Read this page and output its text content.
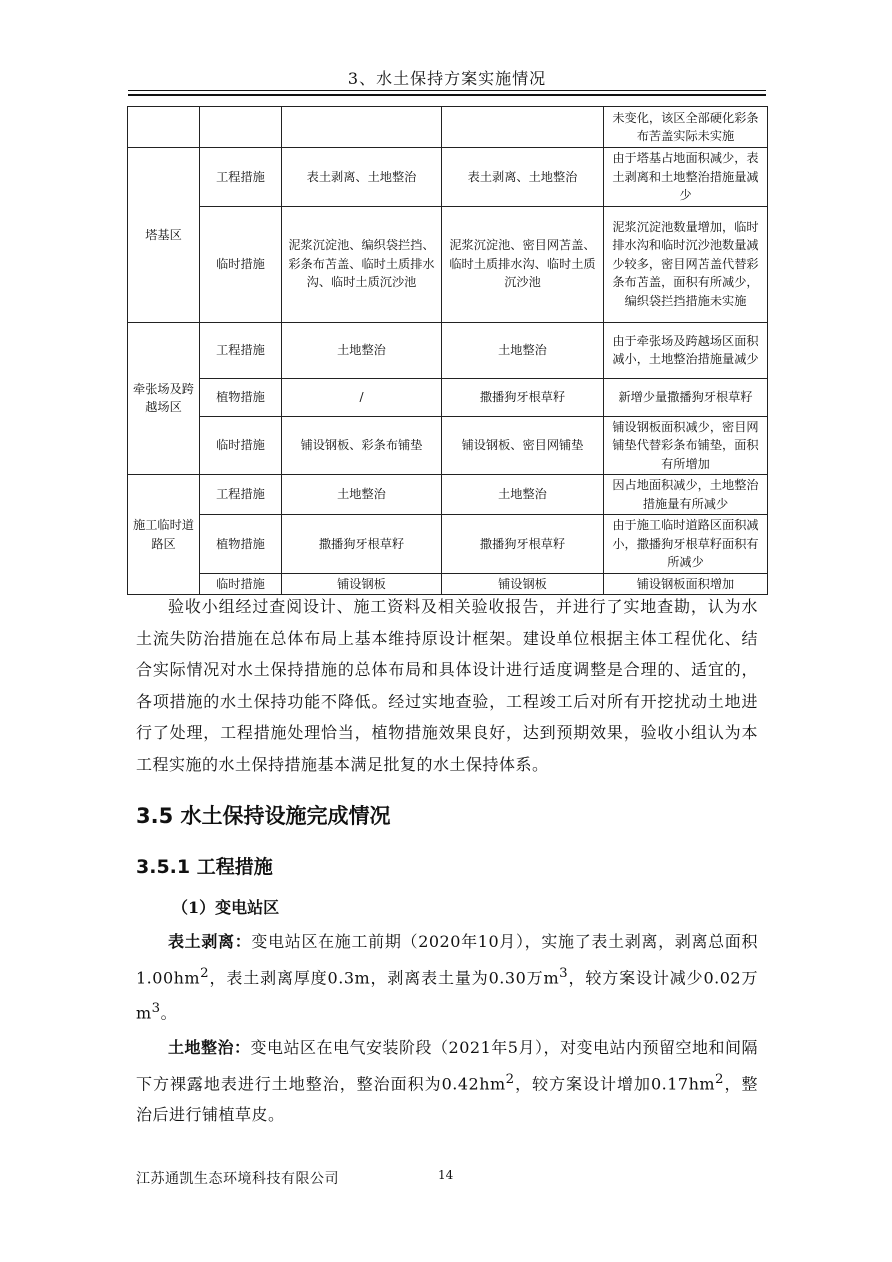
3、水土保持方案实施情况
				未变化，该区全部硬化彩条布苦盖实际未实施
塔基区	工程措施	表土剥离、土地整治	表土剥离、土地整治	由于塔基占地面积减少，表土剥离和土地整治措施量减少
	临时措施	泥浆沉淀池、编织袋拦挡、彩条布苫盖、临时土质排水沟、临时土质沉沙池	泥浆沉淀池、密目网苫盖、临时土质排水沟、临时土质沉沙池	泥浆沉淀池数量增加，临时排水沟和临时沉沙池数量减少较多，密目网苫盖代替彩条布苫盖，面积有所减少，编织袋拦挡措施未实施
牵张场及跨越场区	工程措施	土地整治	土地整治	由于牵张场及跨越场区面积减小，土地整治措施量减少
	植物措施	/	撒播狗牙根草籽	新增少量撒播狗牙根草籽
	临时措施	铺设钢板、彩条布铺垫	铺设钢板、密目网铺垫	铺设钢板面积减少，密目网铺垫代替彩条布铺垫，面积有所增加
施工临时道路区	工程措施	土地整治	土地整治	因占地面积减少，土地整治措施量有所减少
	植物措施	撒播狗牙根草籽	撒播狗牙根草籽	由于施工临时道路区面积减小，撒播狗牙根草籽面积有所减少
	临时措施	铺设钢板	铺设钢板	铺设钢板面积增加
验收小组经过查阅设计、施工资料及相关验收报告，并进行了实地查勘，认为水土流失防治措施在总体布局上基本维持原设计框架。建设单位根据主体工程优化、结合实际情况对水土保持措施的总体布局和具体设计进行适度调整是合理的、适宜的，各项措施的水土保持功能不降低。经过实地查验，工程竣工后对所有开挖扰动土地进行了处理，工程措施处理恰当，植物措施效果良好，达到预期效果，验收小组认为本工程实施的水土保持措施基本满足批复的水土保持体系。
3.5 水土保持设施完成情况
3.5.1 工程措施
（1）变电站区
表土剥离：变电站区在施工前期（2020年10月），实施了表土剥离，剥离总面积$1.00hm^2$，表土剥离厚度0.3m，剥离表土量为0.30万$m^3$，较方案设计减少0.02万$m^3$。
土地整治：变电站区在电气安装阶段（2021年5月），对变电站内预留空地和间隔下方裸露地表进行土地整治，整治面积为$0.42hm^2$，较方案设计增加$0.17hm^2$，整治后进行铺植草皮。
江苏通凯生态环境科技有限公司	14
